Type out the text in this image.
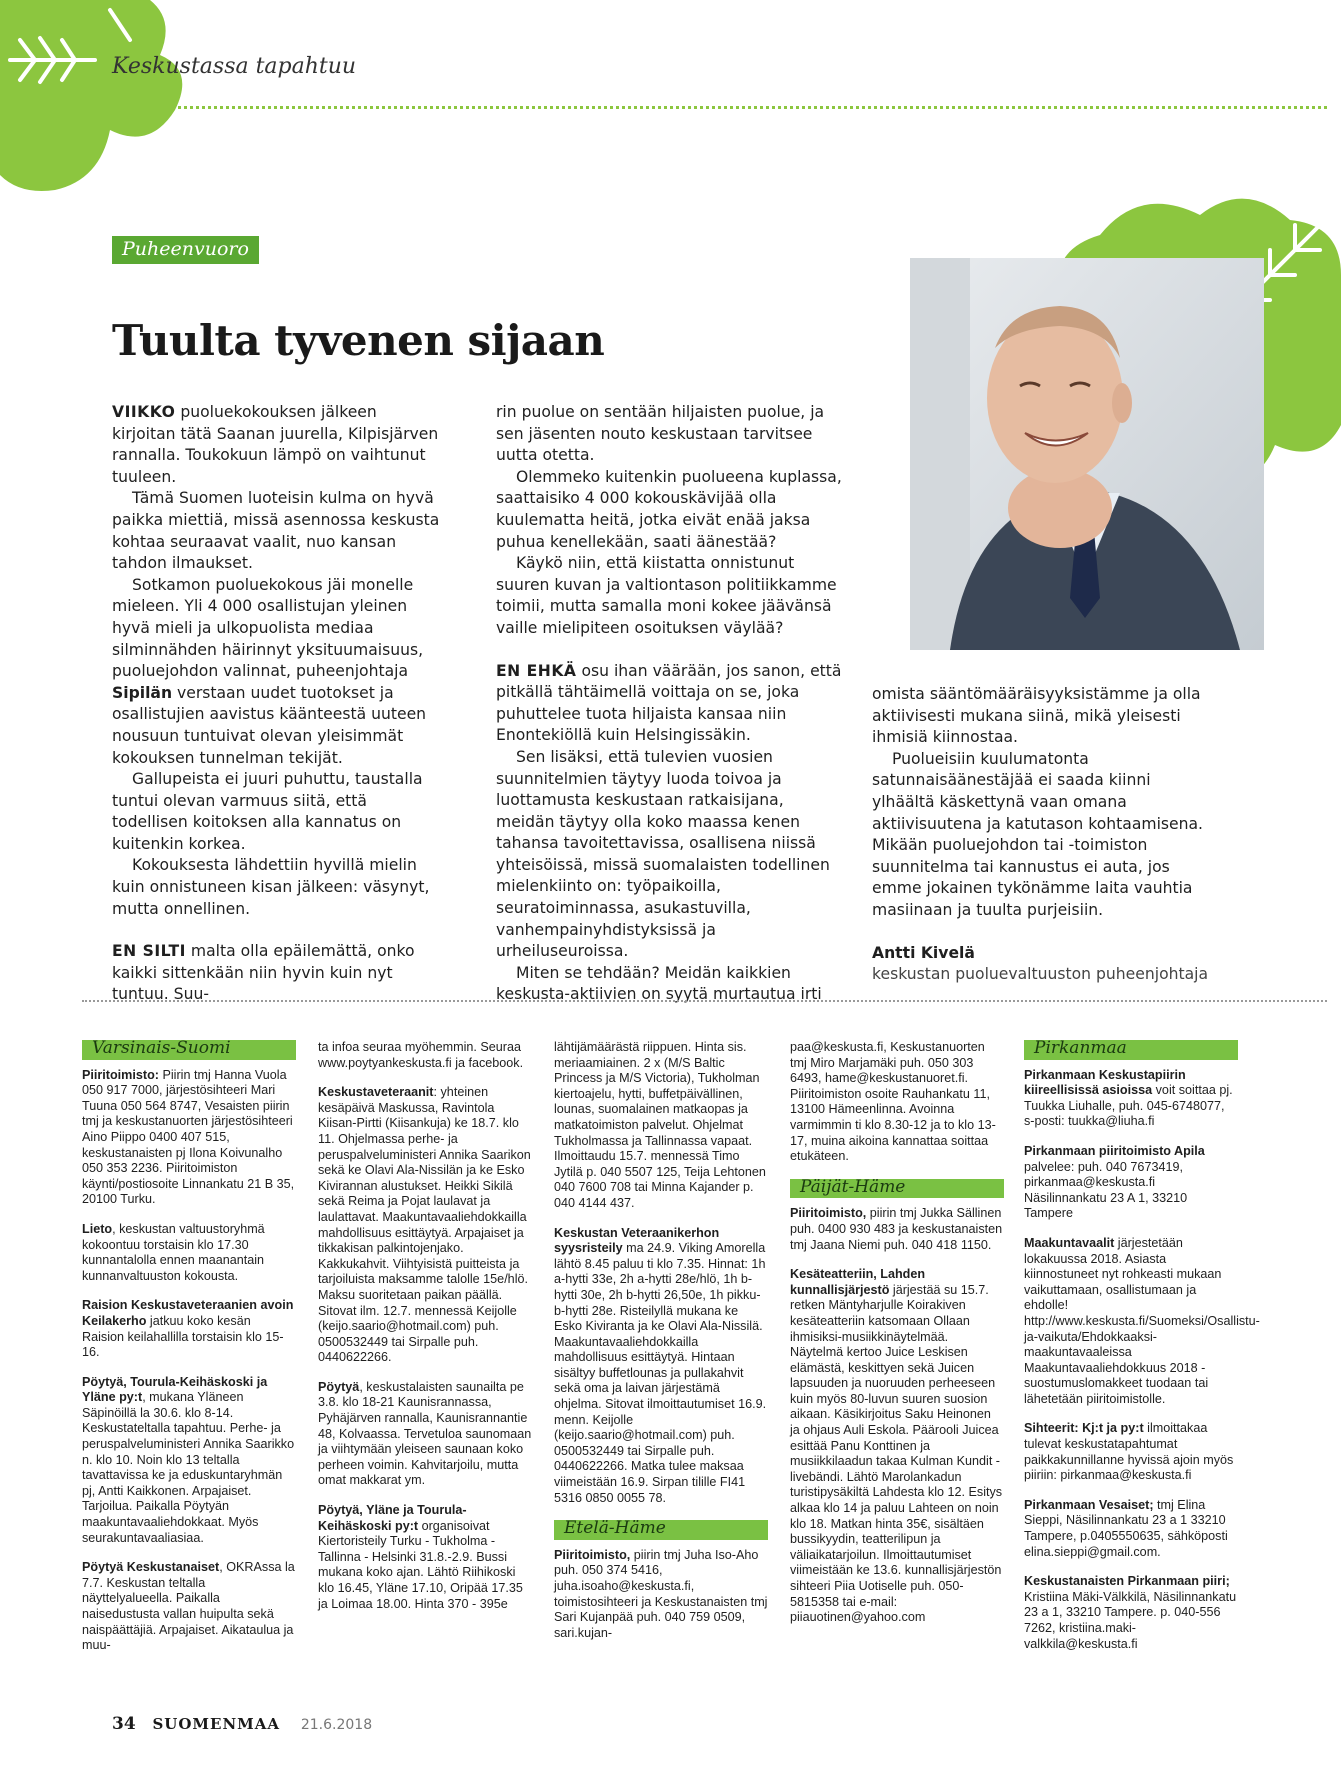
Keskustassa tapahtuu
Puheenvuoro
Tuulta tyvenen sijaan

VIIKKO puoluekokouksen jälkeen kirjoitan tätä Saanan juurella, Kilpisjärven rannalla. Toukokuun lämpö on vaihtunut tuuleen.

Tämä Suomen luoteisin kulma on hyvä paikka miettiä, missä asennossa keskusta kohtaa seuraavat vaalit, nuo kansan tahdon ilmaukset.

Sotkamon puoluekokous jäi monelle mieleen. Yli 4 000 osallistujan yleinen hyvä mieli ja ulkopuolista mediaa silminnähden häirinnyt yksituumaisuus, puoluejohdon valinnat, puheenjohtaja Sipilän verstaan uudet tuotokset ja osallistujien aavistus käänteestä uuteen nousuun tuntuivat olevan yleisimmät kokouksen tunnelman tekijät.

Gallupeista ei juuri puhuttu, taustalla tuntui olevan varmuus siitä, että todellisen koitoksen alla kannatus on kuitenkin korkea.

Kokouksesta lähdettiin hyvillä mielin kuin onnistuneen kisan jälkeen: väsynyt, mutta onnellinen.

EN SILTI malta olla epäilemättä, onko kaikki sittenkään niin hyvin kuin nyt tuntuu. Suu-

rin puolue on sentään hiljaisten puolue, ja sen jäsenten nouto keskustaan tarvitsee uutta otetta.

Olemmeko kuitenkin puolueena kuplassa, saattaisiko 4 000 kokouskävijää olla kuulematta heitä, jotka eivät enää jaksa puhua kenellekään, saati äänestää?

Käykö niin, että kiistatta onnistunut suuren kuvan ja valtiontason politiikkamme toimii, mutta samalla moni kokee jäävänsä vaille mielipiteen osoituksen väylää?

EN EHKÄ osu ihan väärään, jos sanon, että pitkällä tähtäimellä voittaja on se, joka puhuttelee tuota hiljaista kansaa niin Enontekiöllä kuin Helsingissäkin.

Sen lisäksi, että tulevien vuosien suunnitelmien täytyy luoda toivoa ja luottamusta keskustaan ratkaisijana, meidän täytyy olla koko maassa kenen tahansa tavoitettavissa, osallisena niissä yhteisöissä, missä suomalaisten todellinen mielenkiinto on: työpaikoilla, seuratoiminnassa, asukastuvilla, vanhempainyhdistyksissä ja urheiluseuroissa.

Miten se tehdään? Meidän kaikkien keskusta-aktiivien on syytä murtautua irti

omista sääntömääräisyyksistämme ja olla aktiivisesti mukana siinä, mikä yleisesti ihmisiä kiinnostaa.

Puolueisiin kuulumatonta satunnaisäänestäjää ei saada kiinni ylhäältä käskettynä vaan omana aktiivisuutena ja katutason kohtaamisena. Mikään puoluejohdon tai -toimiston suunnitelma tai kannustus ei auta, jos emme jokainen tykönämme laita vauhtia masiinaan ja tuulta purjeisiin.

Antti Kivelä

keskustan puoluevaltuuston puheenjohtaja

Varsinais-Suomi

Piiritoimisto: Piirin tmj Hanna Vuola 050 917 7000, järjestösihteeri Mari Tuuna 050 564 8747, Vesaisten piirin tmj ja keskustanuorten järjestösihteeri Aino Piippo 0400 407 515, keskustanaisten pj Ilona Koivunalho 050 353 2236. Piiritoimiston käynti/postiosoite Linnankatu 21 B 35, 20100 Turku.

Lieto, keskustan valtuustoryhmä kokoontuu torstaisin klo 17.30 kunnantalolla ennen maanantain kunnanvaltuuston kokousta.

Raision Keskustaveteraanien avoin Keilakerho jatkuu koko kesän Raision keilahallilla torstaisin klo 15-16.

Pöytyä, Tourula-Keihäskoski ja Yläne py:t, mukana Yläneen Säpinöillä la 30.6. klo 8-14. Keskustateltalla tapahtuu. Perhe- ja peruspalveluministeri Annika Saarikko n. klo 10. Noin klo 13 teltalla tavattavissa ke ja eduskuntaryhmän pj, Antti Kaikkonen. Arpajaiset. Tarjoilua. Paikalla Pöytyän maakuntavaaliehdokkaat. Myös seurakuntavaaliasiaa.

Pöytyä Keskustanaiset, OKRAssa la 7.7. Keskustan teltalla näyttelyalueella. Paikalla naisedustusta vallan huipulta sekä naispäättäjiä. Arpajaiset. Aikataulua ja muu-

ta infoa seuraa myöhemmin. Seuraa www.poytyankeskusta.fi ja facebook.

Keskustaveteraanit: yhteinen kesäpäivä Maskussa, Ravintola Kiisan-Pirtti (Kiisankuja) ke 18.7. klo 11. Ohjelmassa perhe- ja peruspalveluministeri Annika Saarikon sekä ke Olavi Ala-Nissilän ja ke Esko Kivirannan alustukset. Heikki Sikilä sekä Reima ja Pojat laulavat ja laulattavat. Maakuntavaaliehdokkailla mahdollisuus esittäytyä. Arpajaiset ja tikkakisan palkintojenjako. Kakkukahvit. Viihtyisistä puitteista ja tarjoiluista maksamme talolle 15e/hlö. Maksu suoritetaan paikan päällä. Sitovat ilm. 12.7. mennessä Keijolle (keijo.saario@hotmail.com) puh. 0500532449 tai Sirpalle puh. 0440622266.

Pöytyä, keskustalaisten saunailta pe 3.8. klo 18-21 Kaunisrannassa, Pyhäjärven rannalla, Kaunisrannantie 48, Kolvaassa. Tervetuloa saunomaan ja viihtymään yleiseen saunaan koko perheen voimin. Kahvitarjoilu, mutta omat makkarat ym.

Pöytyä, Yläne ja Tourula-Keihäskoski py:t organisoivat Kiertoristeily Turku - Tukholma - Tallinna - Helsinki 31.8.-2.9. Bussi mukana koko ajan. Lähtö Riihikoski klo 16.45, Yläne 17.10, Oripää 17.35 ja Loimaa 18.00. Hinta 370 - 395e

lähtijämäärästä riippuen. Hinta sis. meriaamiainen. 2 x (M/S Baltic Princess ja M/S Victoria), Tukholman kiertoajelu, hytti, buffetpäivällinen, lounas, suomalainen matkaopas ja matkatoimiston palvelut. Ohjelmat Tukholmassa ja Tallinnassa vapaat. Ilmoittaudu 15.7. mennessä Timo Jytilä p. 040 5507 125, Teija Lehtonen 040 7600 708 tai Minna Kajander p. 040 4144 437.

Keskustan Veteraanikerhon syysristeily ma 24.9. Viking Amorella lähtö 8.45 paluu ti klo 7.35. Hinnat: 1h a-hytti 33e, 2h a-hytti 28e/hlö, 1h b-hytti 30e, 2h b-hytti 26,50e, 1h pikku-b-hytti 28e. Risteilyllä mukana ke Esko Kiviranta ja ke Olavi Ala-Nissilä. Maakuntavaaliehdokkailla mahdollisuus esittäytyä. Hintaan sisältyy buffetlounas ja pullakahvit sekä oma ja laivan järjestämä ohjelma. Sitovat ilmoittautumiset 16.9. menn. Keijolle (keijo.saario@hotmail.com) puh. 0500532449 tai Sirpalle puh. 0440622266. Matka tulee maksaa viimeistään 16.9. Sirpan tilille FI41 5316 0850 0055 78.

Etelä-Häme

Piiritoimisto, piirin tmj Juha Iso-Aho puh. 050 374 5416, juha.isoaho@keskusta.fi, toimistosihteeri ja Keskustanaisten tmj Sari Kujanpää puh. 040 759 0509, sari.kujan-

paa@keskusta.fi, Keskustanuorten tmj Miro Marjamäki puh. 050 303 6493, hame@keskustanuoret.fi. Piiritoimiston osoite Rauhankatu 11, 13100 Hämeenlinna. Avoinna varmimmin ti klo 8.30-12 ja to klo 13-17, muina aikoina kannattaa soittaa etukäteen.

Päijät-Häme

Piiritoimisto, piirin tmj Jukka Sällinen puh. 0400 930 483 ja keskustanaisten tmj Jaana Niemi puh. 040 418 1150.

Kesäteatteriin, Lahden kunnallisjärjestö järjestää su 15.7. retken Mäntyharjulle Koirakiven kesäteatteriin katsomaan Ollaan ihmisiksi-musiikkinäytelmää. Näytelmä kertoo Juice Leskisen elämästä, keskittyen sekä Juicen lapsuuden ja nuoruuden perheeseen kuin myös 80-luvun suuren suosion aikaan. Käsikirjoitus Saku Heinonen ja ohjaus Auli Eskola. Päärooli Juicea esittää Panu Konttinen ja musiikkilaadun takaa Kulman Kundit -livebändi. Lähtö Marolankadun turistipysäkiltä Lahdesta klo 12. Esitys alkaa klo 14 ja paluu Lahteen on noin klo 18. Matkan hinta 35€, sisältäen bussikyydin, teatterilipun ja väliaikatarjoilun. Ilmoittautumiset viimeistään ke 13.6. kunnallisjärjestön sihteeri Piia Uotiselle puh. 050-5815358 tai e-mail: piiauotinen@yahoo.com

Pirkanmaa

Pirkanmaan Keskustapiirin kiireellisissä asioissa voit soittaa pj. Tuukka Liuhalle, puh. 045-6748077, s-posti: tuukka@liuha.fi

Pirkanmaan piiritoimisto Apila palvelee: puh. 040 7673419, pirkanmaa@keskusta.fi Näsilinnankatu 23 A 1, 33210 Tampere

Maakuntavaalit järjestetään lokakuussa 2018. Asiasta kiinnostuneet nyt rohkeasti mukaan vaikuttamaan, osallistumaan ja ehdolle! http://www.keskusta.fi/Suomeksi/Osallistu-ja-vaikuta/Ehdokkaaksi-maakuntavaaleissa Maakuntavaaliehdokkuus 2018 -suostumuslomakkeet tuodaan tai lähetetään piiritoimistolle.

Sihteerit: Kj:t ja py:t ilmoittakaa tulevat keskustatapahtumat paikkakunnillanne hyvissä ajoin myös piiriin: pirkanmaa@keskusta.fi

Pirkanmaan Vesaiset; tmj Elina Sieppi, Näsilinnankatu 23 a 1 33210 Tampere, p.0405550635, sähköposti elina.sieppi@gmail.com.

Keskustanaisten Pirkanmaan piiri; Kristiina Mäki-Välkkilä, Näsilinnankatu 23 a 1, 33210 Tampere. p. 040-556 7262, kristiina.maki-valkkila@keskusta.fi

34 SUOMENMAA 21.6.2018
